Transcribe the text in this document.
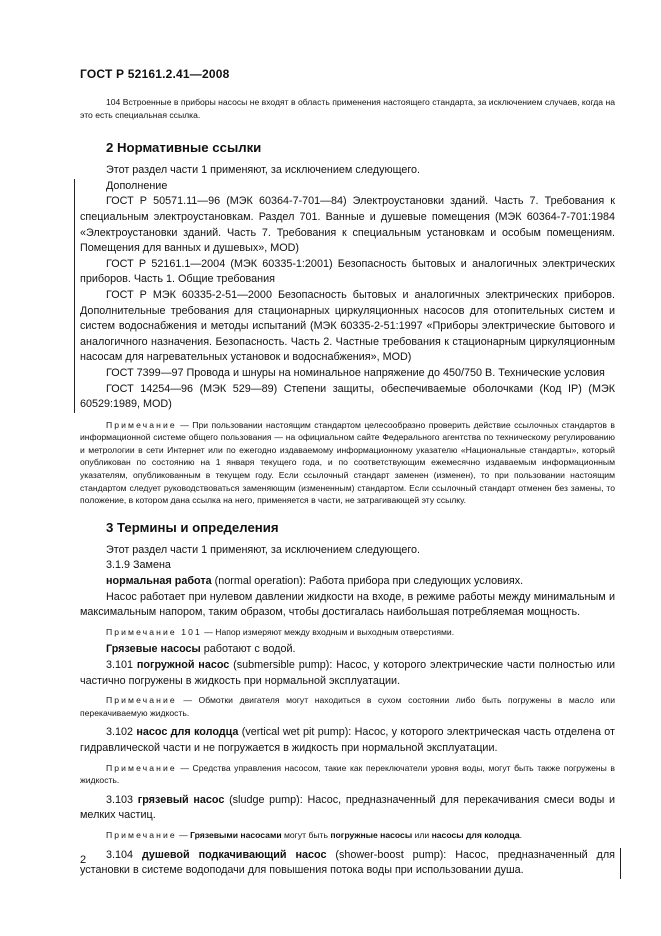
ГОСТ Р 52161.2.41—2008

104 Встроенные в приборы насосы не входят в область применения настоящего стандарта, за исключением случаев, когда на это есть специальная ссылка.

2 Нормативные ссылки

Этот раздел части 1 применяют, за исключением следующего.

Дополнение

ГОСТ Р 50571.11—96 (МЭК 60364-7-701—84) Электроустановки зданий. Часть 7. Требования к специальным электроустановкам. Раздел 701. Ванные и душевые помещения (МЭК 60364-7-701:1984 «Электроустановки зданий. Часть 7. Требования к специальным установкам и особым помещениям. Помещения для ванных и душевых», MOD)

ГОСТ Р 52161.1—2004 (МЭК 60335-1:2001) Безопасность бытовых и аналогичных электрических приборов. Часть 1. Общие требования

ГОСТ Р МЭК 60335-2-51—2000 Безопасность бытовых и аналогичных электрических приборов. Дополнительные требования для стационарных циркуляционных насосов для отопительных систем и систем водоснабжения и методы испытаний (МЭК 60335-2-51:1997 «Приборы электрические бытового и аналогичного назначения. Безопасность. Часть 2. Частные требования к стационарным циркуляционным насосам для нагревательных установок и водоснабжения», MOD)

ГОСТ 7399—97 Провода и шнуры на номинальное напряжение до 450/750 В. Технические условия

ГОСТ 14254—96 (МЭК 529—89) Степени защиты, обеспечиваемые оболочками (Код IP) (МЭК 60529:1989, MOD)

Примечание — При пользовании настоящим стандартом целесообразно проверить действие ссылочных стандартов в информационной системе общего пользования — на официальном сайте Федерального агентства по техническому регулированию и метрологии в сети Интернет или по ежегодно издаваемому информационному указателю «Национальные стандарты», который опубликован по состоянию на 1 января текущего года, и по соответствующим ежемесячно издаваемым информационным указателям, опубликованным в текущем году. Если ссылочный стандарт заменен (изменен), то при пользовании настоящим стандартом следует руководствоваться заменяющим (измененным) стандартом. Если ссылочный стандарт отменен без замены, то положение, в котором дана ссылка на него, применяется в части, не затрагивающей эту ссылку.

3 Термины и определения

Этот раздел части 1 применяют, за исключением следующего.

3.1.9 Замена

нормальная работа (normal operation): Работа прибора при следующих условиях.

Насос работает при нулевом давлении жидкости на входе, в режиме работы между минимальным и максимальным напором, таким образом, чтобы достигалась наибольшая потребляемая мощность.

Примечание 101 — Напор измеряют между входным и выходным отверстиями.

Грязевые насосы работают с водой.

3.101 погружной насос (submersible pump): Насос, у которого электрические части полностью или частично погружены в жидкость при нормальной эксплуатации.

Примечание — Обмотки двигателя могут находиться в сухом состоянии либо быть погружены в масло или перекачиваемую жидкость.

3.102 насос для колодца (vertical wet pit pump): Насос, у которого электрическая часть отделена от гидравлической части и не погружается в жидкость при нормальной эксплуатации.

Примечание — Средства управления насосом, такие как переключатели уровня воды, могут быть также погружены в жидкость.

3.103 грязевый насос (sludge pump): Насос, предназначенный для перекачивания смеси воды и мелких частиц.

Примечание — Грязевыми насосами могут быть погружные насосы или насосы для колодца.

3.104 душевой подкачивающий насос (shower-boost pump): Насос, предназначенный для установки в системе водоподачи для повышения потока воды при использовании душа.

2
